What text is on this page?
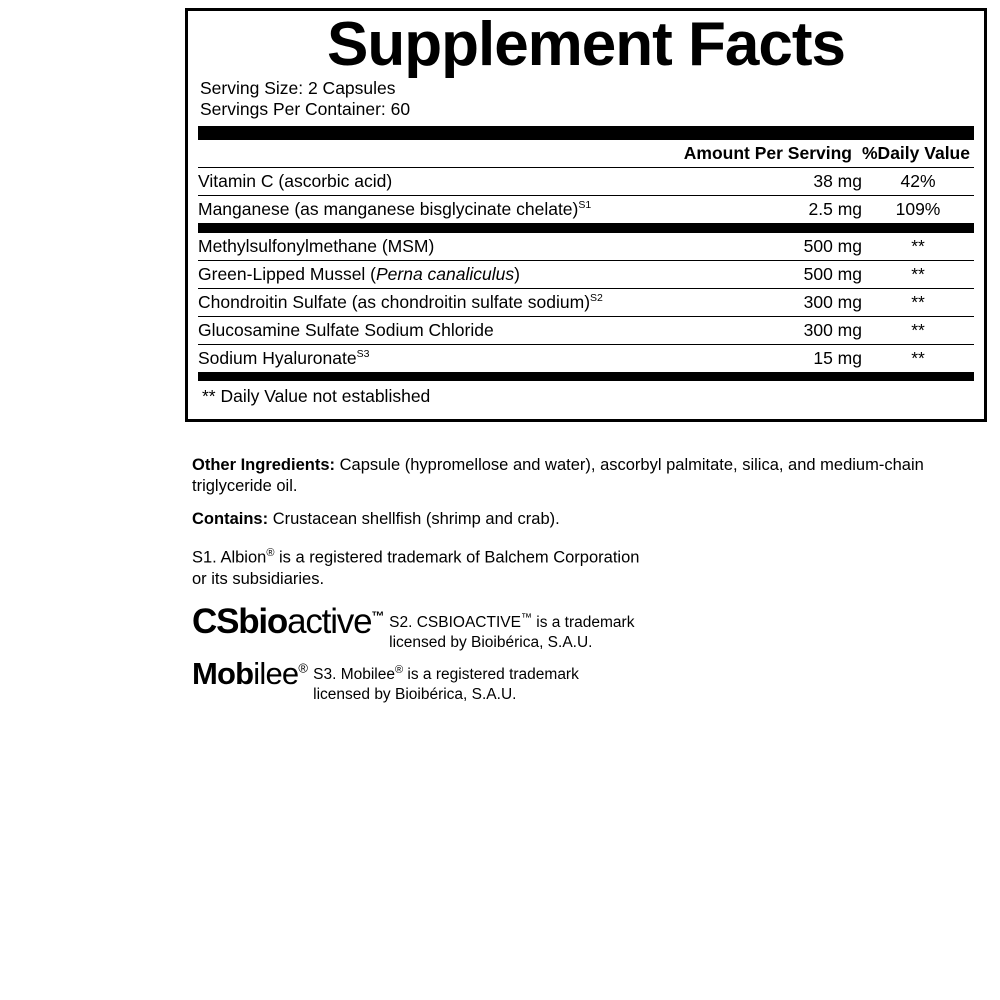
Supplement Facts
Serving Size: 2 Capsules
Servings Per Container: 60
	Amount Per Serving	%Daily Value
Vitamin C (ascorbic acid)	38 mg	42%
Manganese (as manganese bisglycinate chelate)$^{S1}$	2.5 mg	109%
Methylsulfonylmethane (MSM)	500 mg	**
Green-Lipped Mussel (Perna canaliculus)	500 mg	**
Chondroitin Sulfate (as chondroitin sulfate sodium)$^{S2}$	300 mg	**
Glucosamine Sulfate Sodium Chloride	300 mg	**
Sodium Hyaluronate$^{S3}$	15 mg	**
** Daily Value not established

Other Ingredients: Capsule (hypromellose and water), ascorbyl palmitate, silica, and medium-chain triglyceride oil.

Contains: Crustacean shellfish (shrimp and crab).

S1. Albion® is a registered trademark of Balchem Corporation
or its subsidiaries.
CSbioactive™ S2. CSBIOACTIVE™ is a trademark
licensed by Bioibérica, S.A.U.
Mobilee® S3. Mobilee® is a registered trademark
licensed by Bioibérica, S.A.U.
